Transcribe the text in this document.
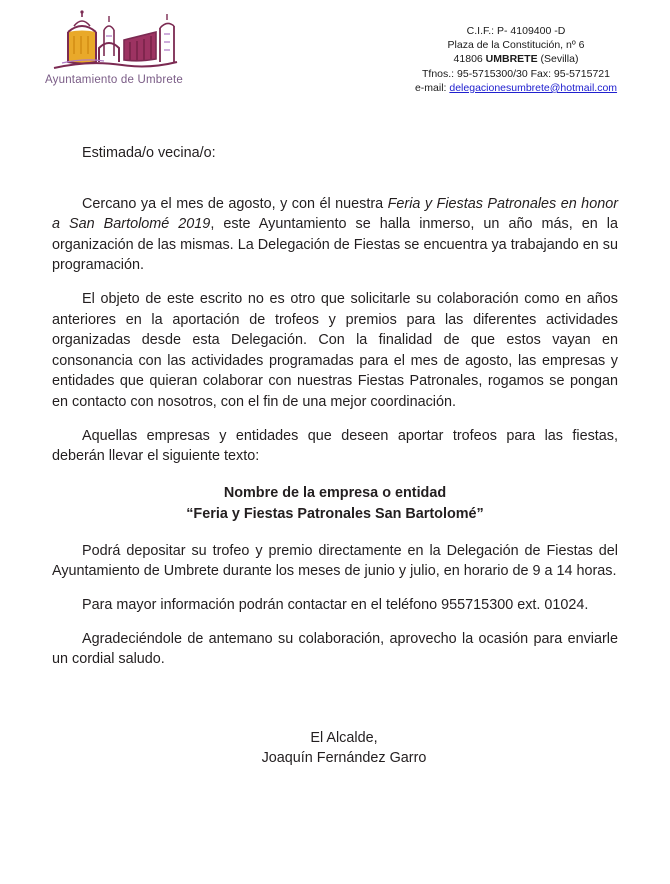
Ayuntamiento de Umbrete
C.I.F.: P- 4109400 -D
Plaza de la Constitución, nº 6
41806 UMBRETE (Sevilla)
Tfnos.: 95-5715300/30 Fax: 95-5715721
e-mail: delegacionesumbrete@hotmail.com
Estimada/o vecina/o:

Cercano ya el mes de agosto, y con él nuestra Feria y Fiestas Patronales en honor a San Bartolomé 2019, este Ayuntamiento se halla inmerso, un año más, en la organización de las mismas. La Delegación de Fiestas se encuentra ya trabajando en su programación.

El objeto de este escrito no es otro que solicitarle su colaboración como en años anteriores en la aportación de trofeos y premios para las diferentes actividades organizadas desde esta Delegación. Con la finalidad de que estos vayan en consonancia con las actividades programadas para el mes de agosto, las empresas y entidades que quieran colaborar con nuestras Fiestas Patronales, rogamos se pongan en contacto con nosotros, con el fin de una mejor coordinación.

Aquellas empresas y entidades que deseen aportar trofeos para las fiestas, deberán llevar el siguiente texto:

Nombre de la empresa o entidad
“Feria y Fiestas Patronales San Bartolomé”

Podrá depositar su trofeo y premio directamente en la Delegación de Fiestas del Ayuntamiento de Umbrete durante los meses de junio y julio, en horario de 9 a 14 horas.

Para mayor información podrán contactar en el teléfono 955715300 ext. 01024.

Agradeciéndole de antemano su colaboración, aprovecho la ocasión para enviarle un cordial saludo.

El Alcalde,
Joaquín Fernández Garro
